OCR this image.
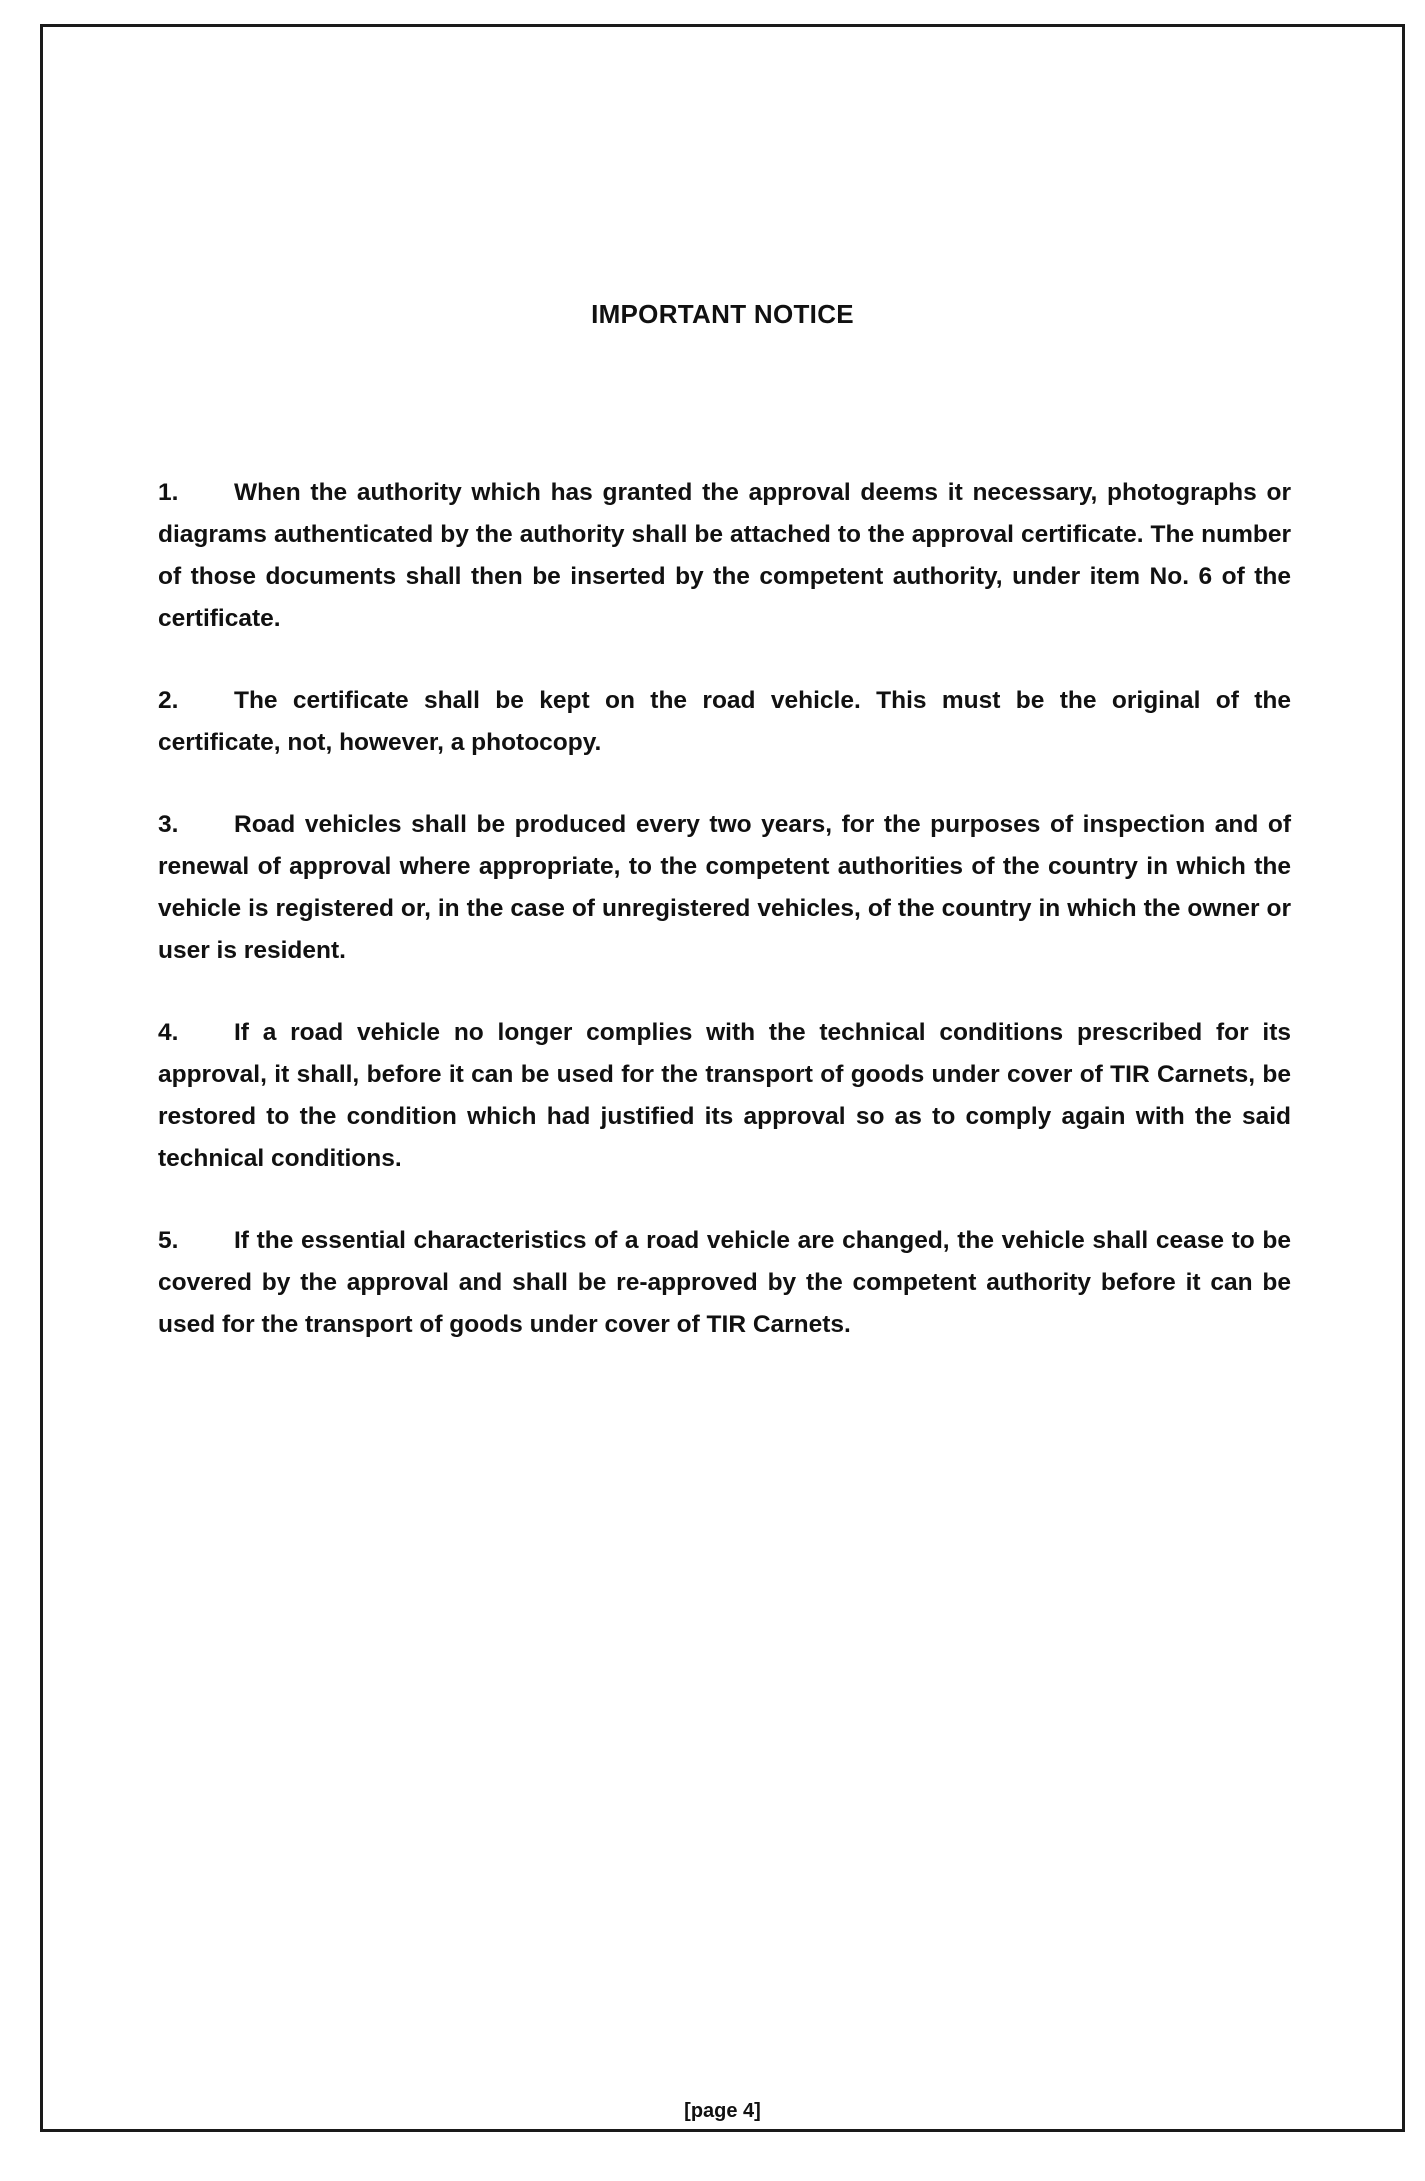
IMPORTANT NOTICE
1. When the authority which has granted the approval deems it necessary, photographs or diagrams authenticated by the authority shall be attached to the approval certificate. The number of those documents shall then be inserted by the competent authority, under item No. 6 of the certificate.
2. The certificate shall be kept on the road vehicle. This must be the original of the certificate, not, however, a photocopy.
3. Road vehicles shall be produced every two years, for the purposes of inspection and of renewal of approval where appropriate, to the competent authorities of the country in which the vehicle is registered or, in the case of unregistered vehicles, of the country in which the owner or user is resident.
4. If a road vehicle no longer complies with the technical conditions prescribed for its approval, it shall, before it can be used for the transport of goods under cover of TIR Carnets, be restored to the condition which had justified its approval so as to comply again with the said technical conditions.
5. If the essential characteristics of a road vehicle are changed, the vehicle shall cease to be covered by the approval and shall be re-approved by the competent authority before it can be used for the transport of goods under cover of TIR Carnets.
[page 4]
